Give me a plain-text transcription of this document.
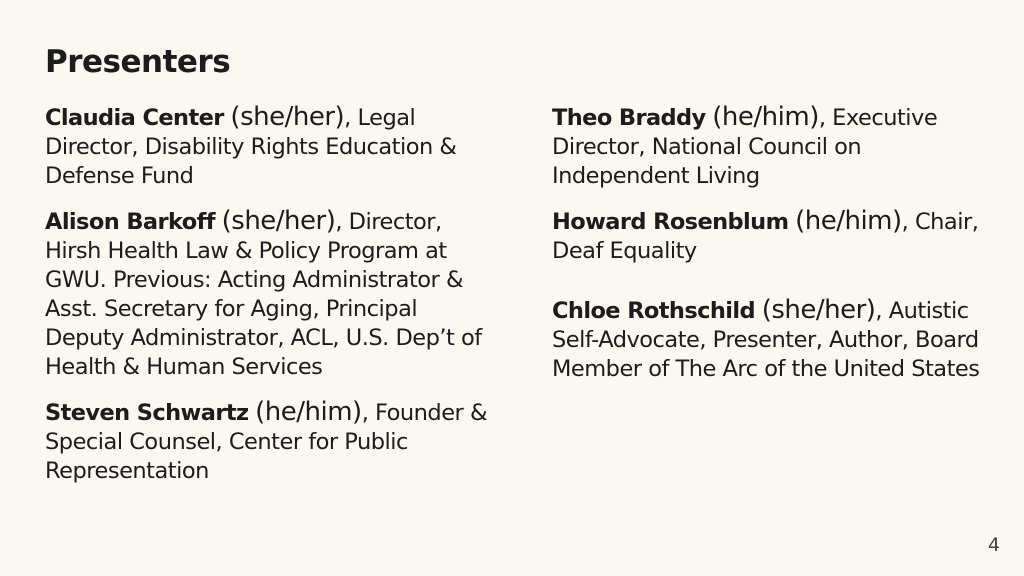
Presenters

Claudia Center (she/her), Legal Director, Disability Rights Education & Defense Fund

Alison Barkoff (she/her), Director, Hirsh Health Law & Policy Program at GWU. Previous: Acting Administrator & Asst. Secretary for Aging, Principal Deputy Administrator, ACL, U.S. Dep’t of Health & Human Services

Steven Schwartz (he/him), Founder & Special Counsel, Center for Public Representation

Theo Braddy (he/him), Executive Director, National Council on Independent Living

Howard Rosenblum (he/him), Chair, Deaf Equality

Chloe Rothschild (she/her), Autistic Self-Advocate, Presenter, Author, Board Member of The Arc of the United States

4
